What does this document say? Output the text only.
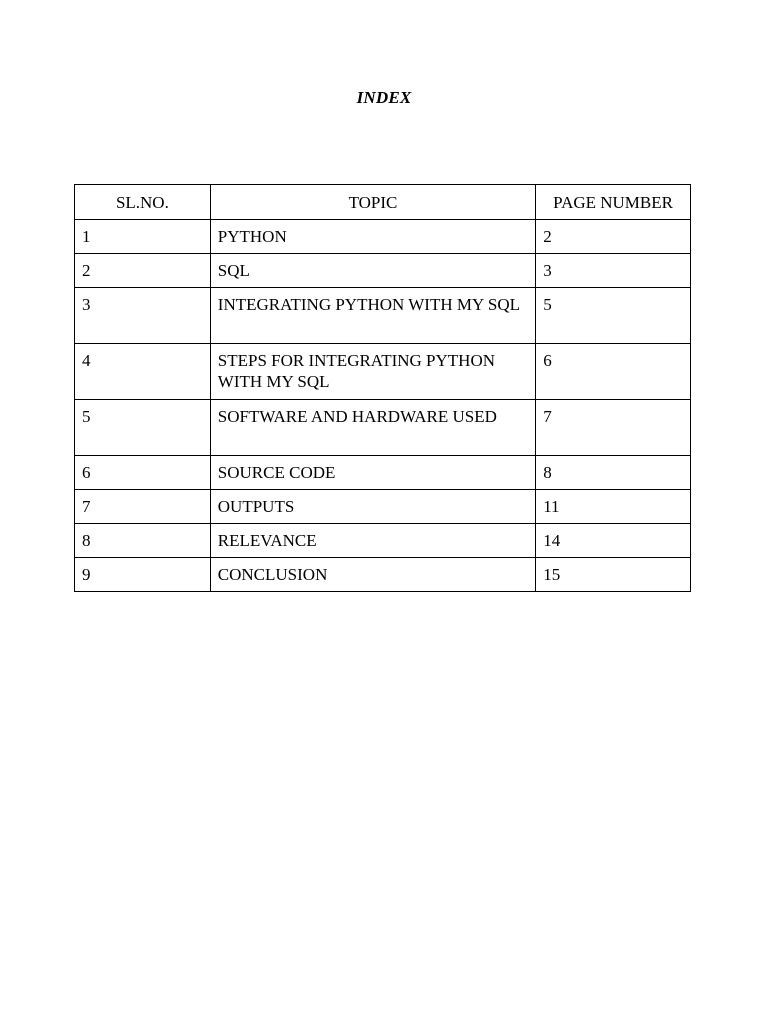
INDEX
SL.NO.	TOPIC	PAGE NUMBER
1	PYTHON	2
2	SQL	3
3	INTEGRATING PYTHON WITH MY SQL	5
4	STEPS FOR INTEGRATING PYTHON WITH MY SQL	6
5	SOFTWARE AND HARDWARE USED	7
6	SOURCE CODE	8
7	OUTPUTS	11
8	RELEVANCE	14
9	CONCLUSION	15
